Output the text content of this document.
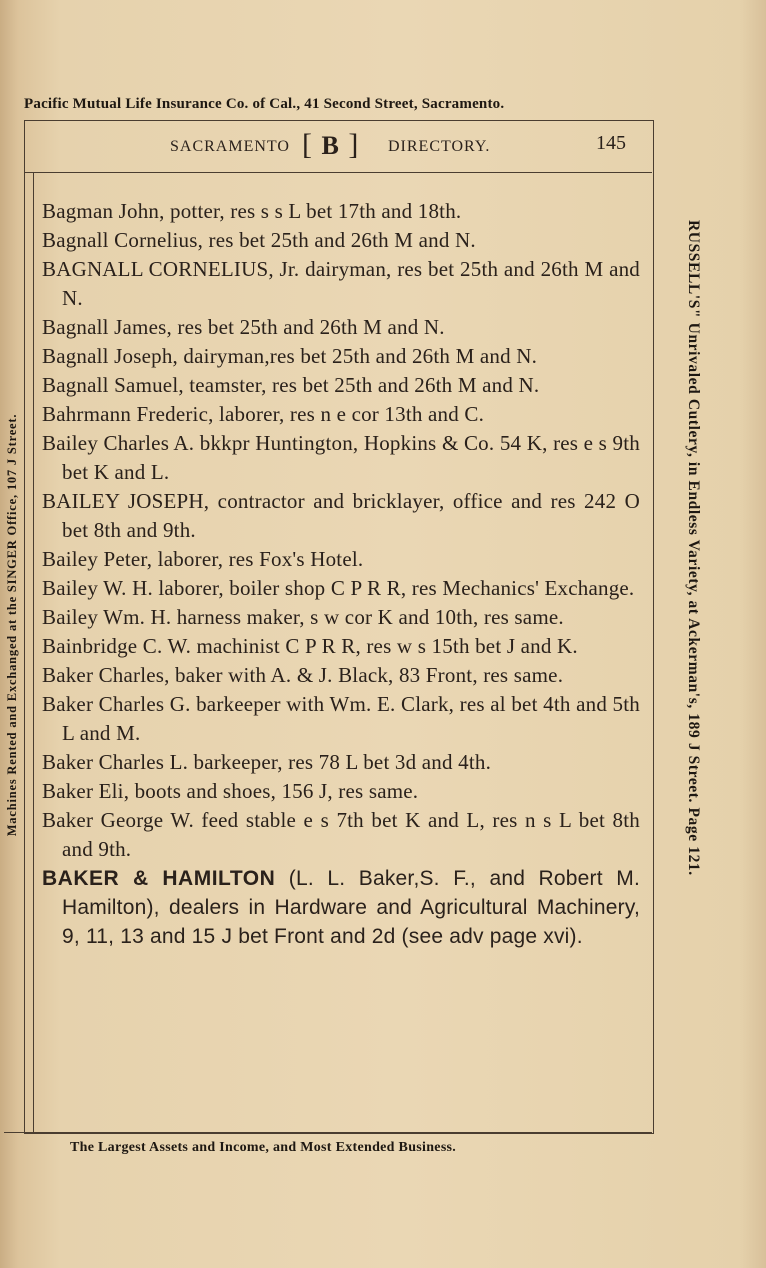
Pacific Mutual Life Insurance Co. of Cal., 41 Second Street, Sacramento.
SACRAMENTO [ B ] DIRECTORY.	145

Bagman John, potter, res s s L bet 17th and 18th.

Bagnall Cornelius, res bet 25th and 26th M and N.

BAGNALL CORNELIUS, Jr. dairyman, res bet 25th and 26th M and N.

Bagnall James, res bet 25th and 26th M and N.

Bagnall Joseph, dairyman,res bet 25th and 26th M and N.

Bagnall Samuel, teamster, res bet 25th and 26th M and N.

Bahrmann Frederic, laborer, res n e cor 13th and C.

Bailey Charles A. bkkpr Huntington, Hopkins & Co. 54 K, res e s 9th bet K and L.

BAILEY JOSEPH, contractor and bricklayer, office and res 242 O bet 8th and 9th.

Bailey Peter, laborer, res Fox's Hotel.

Bailey W. H. laborer, boiler shop C P R R, res Mechanics' Exchange.

Bailey Wm. H. harness maker, s w cor K and 10th, res same.

Bainbridge C. W. machinist C P R R, res w s 15th bet J and K.

Baker Charles, baker with A. & J. Black, 83 Front, res same.

Baker Charles G. barkeeper with Wm. E. Clark, res al bet 4th and 5th L and M.

Baker Charles L. barkeeper, res 78 L bet 3d and 4th.

Baker Eli, boots and shoes, 156 J, res same.

Baker George W. feed stable e s 7th bet K and L, res n s L bet 8th and 9th.

BAKER & HAMILTON (L. L. Baker,S. F., and Robert M. Hamilton), dealers in Hardware and Agricultural Machinery, 9, 11, 13 and 15 J bet Front and 2d (see adv page xvi).

The Largest Assets and Income, and Most Extended Business.
Machines Rented and Exchanged at the SINGER Office, 107 J Street.	RUSSELL'S" Unrivaled Cutlery, in Endless Variety, at Ackerman's, 189 J Street. Page 121.
